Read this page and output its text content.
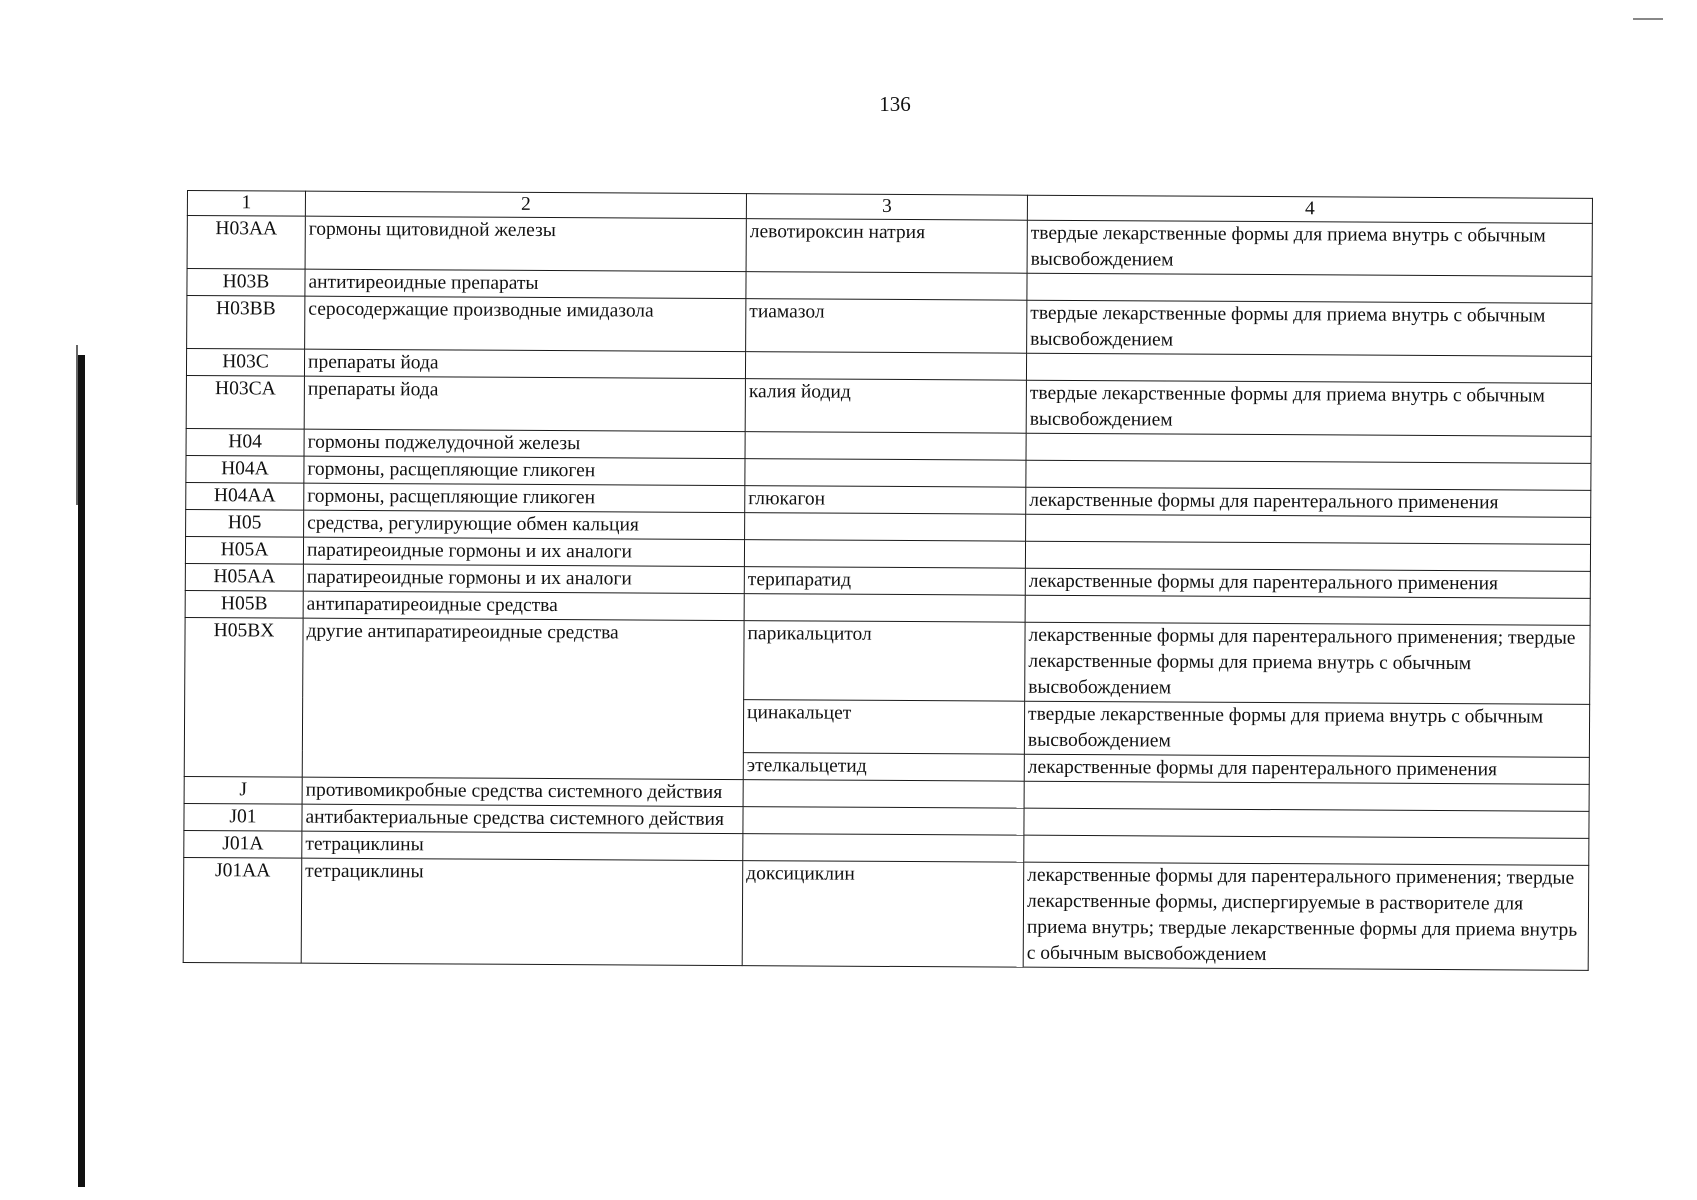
136
1	2	3	4
H03AA	гормоны щитовидной железы	левотироксин натрия	твердые лекарственные формы для приема внутрь с обычным высвобождением
H03B	антитиреоидные препараты		
H03BB	серосодержащие производные имидазола	тиамазол	твердые лекарственные формы для приема внутрь с обычным высвобождением
H03C	препараты йода		
H03CA	препараты йода	калия йодид	твердые лекарственные формы для приема внутрь с обычным высвобождением
H04	гормоны поджелудочной железы		
H04A	гормоны, расщепляющие гликоген		
H04AA	гормоны, расщепляющие гликоген	глюкагон	лекарственные формы для парентерального применения
H05	средства, регулирующие обмен кальция		
H05A	паратиреоидные гормоны и их аналоги		
H05AA	паратиреоидные гормоны и их аналоги	терипаратид	лекарственные формы для парентерального применения
H05B	антипаратиреоидные средства		
H05BX	другие антипаратиреоидные средства	парикальцитол	лекарственные формы для парентерального применения; твердые лекарственные формы для приема внутрь с обычным высвобождением
		цинакальцет	твердые лекарственные формы для приема внутрь с обычным высвобождением
		этелкальцетид	лекарственные формы для парентерального применения
J	противомикробные средства системного действия		
J01	антибактериальные средства системного действия		
J01A	тетрациклины		
J01AA	тетрациклины	доксициклин	лекарственные формы для парентерального применения; твердые лекарственные формы, диспергируемые в растворителе для приема внутрь; твердые лекарственные формы для приема внутрь с обычным высвобождением
